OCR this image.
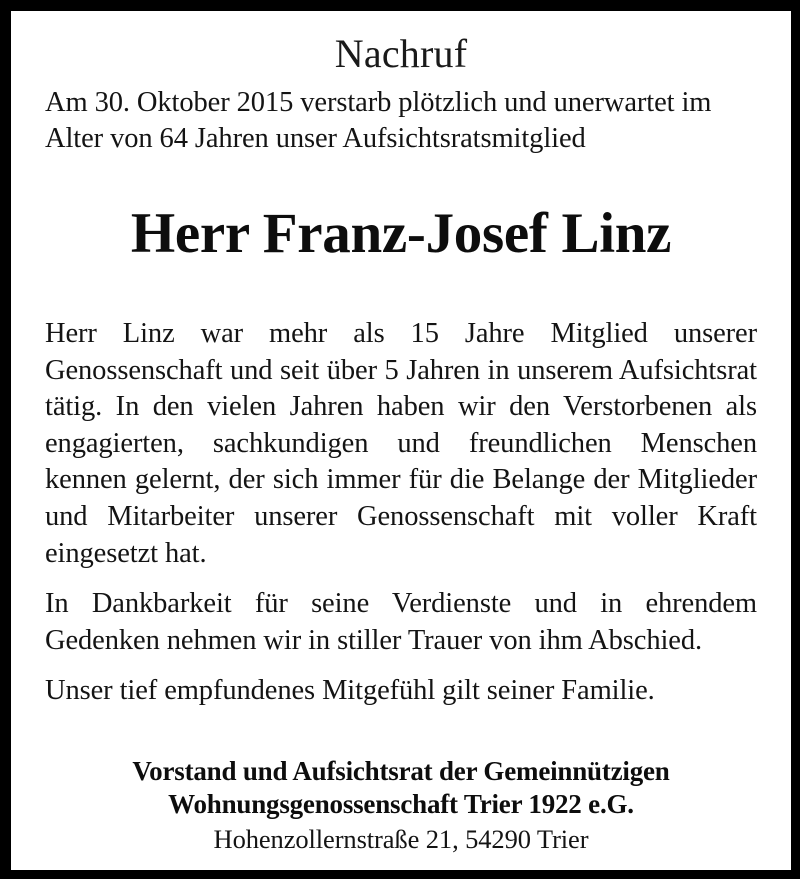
Nachruf

Am 30. Oktober 2015 verstarb plötzlich und unerwartet im Alter von 64 Jahren unser Aufsichtsratsmitglied

Herr Franz-Josef Linz

Herr Linz war mehr als 15 Jahre Mitglied unserer Genossenschaft und seit über 5 Jahren in unserem Aufsichtsrat tätig. In den vielen Jahren haben wir den Verstorbenen als engagierten, sachkundigen und freundlichen Menschen kennen gelernt, der sich immer für die Belange der Mitglieder und Mitarbeiter unserer Genossenschaft mit voller Kraft eingesetzt hat.

In Dankbarkeit für seine Verdienste und in ehrendem Gedenken nehmen wir in stiller Trauer von ihm Abschied.

Unser tief empfundenes Mitgefühl gilt seiner Familie.

Vorstand und Aufsichtsrat der Gemeinnützigen
Wohnungsgenossenschaft Trier 1922 e.G.
Hohenzollernstraße 21, 54290 Trier
